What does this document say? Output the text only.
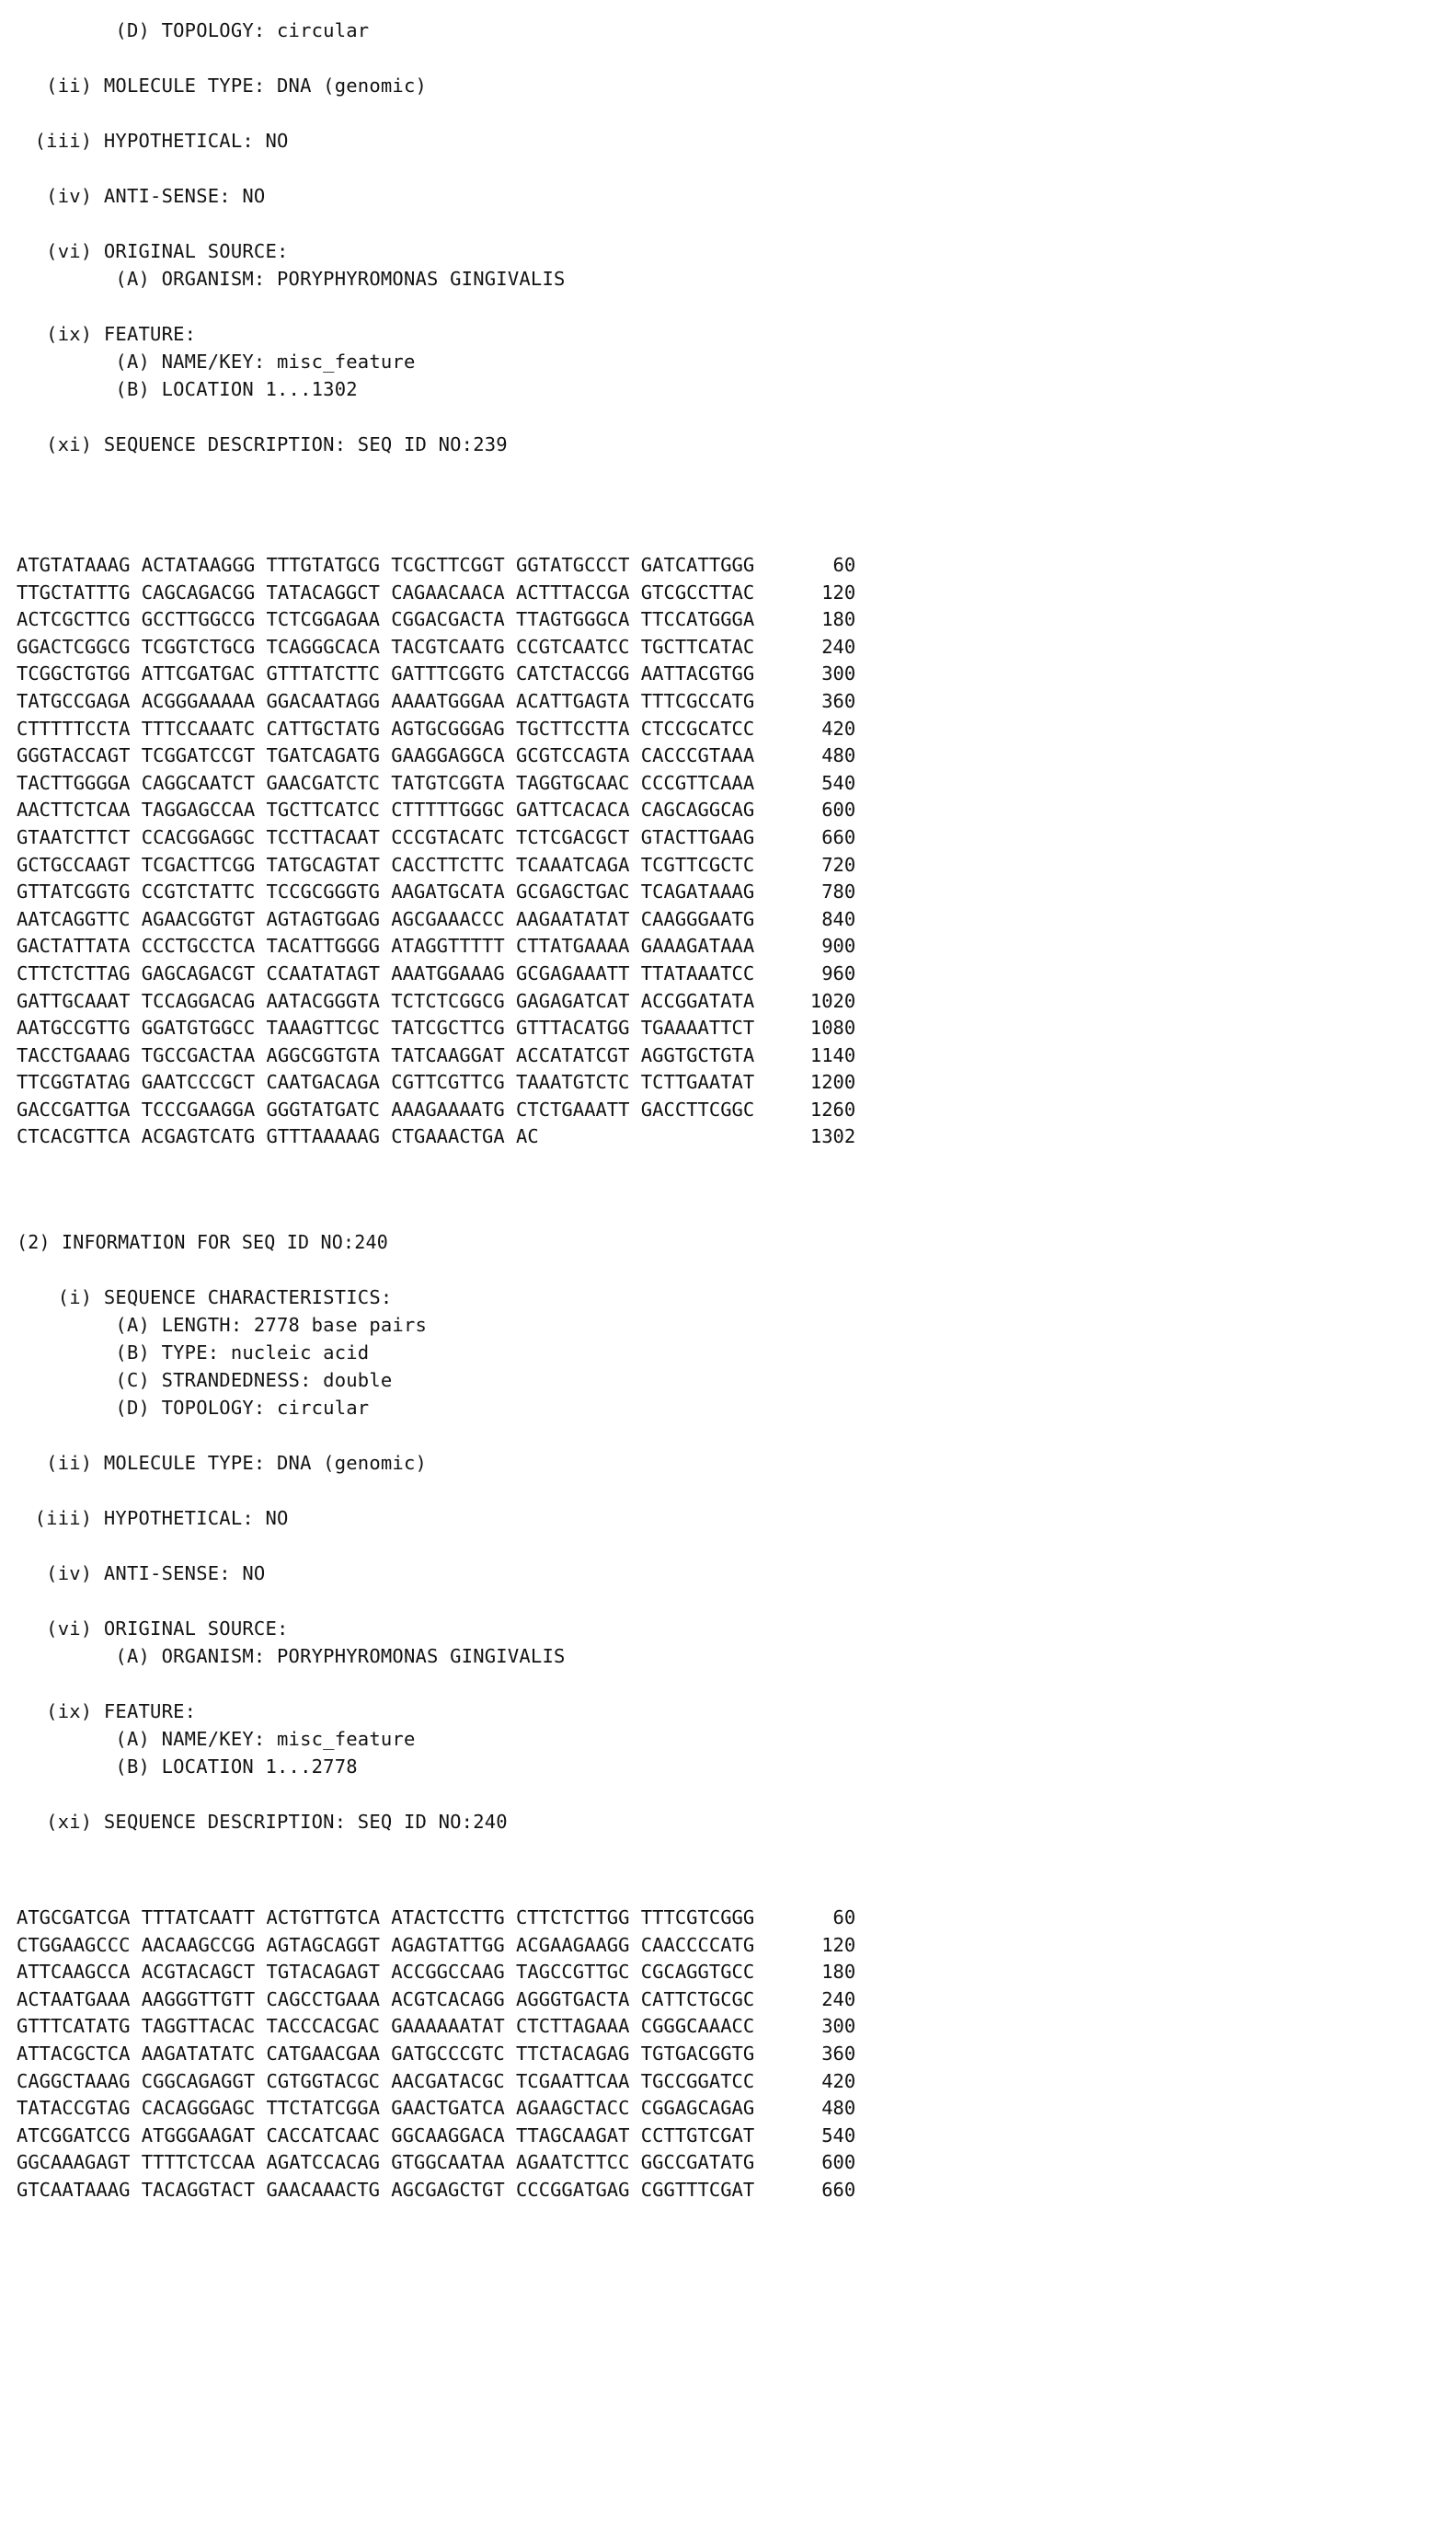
(D) TOPOLOGY: circular

(ii) MOLECULE TYPE: DNA (genomic)

(iii) HYPOTHETICAL: NO

(iv) ANTI-SENSE: NO

(vi) ORIGINAL SOURCE:
(A) ORGANISM: PORYPHYROMONAS GINGIVALIS

(ix) FEATURE:
(A) NAME/KEY: misc_feature
(B) LOCATION 1...1302

(xi) SEQUENCE DESCRIPTION: SEQ ID NO:239
ATGTATAAAG ACTATAAGGG TTTGTATGCG TCGCTTCGGT GGTATGCCCT GATCATTGGG	60
TTGCTATTTG CAGCAGACGG TATACAGGCT CAGAACAACA ACTTTACCGA GTCGCCTTAC	120
ACTCGCTTCG GCCTTGGCCG TCTCGGAGAA CGGACGACTA TTAGTGGGCA TTCCATGGGA	180
GGACTCGGCG TCGGTCTGCG TCAGGGCACA TACGTCAATG CCGTCAATCC TGCTTCATAC	240
TCGGCTGTGG ATTCGATGAC GTTTATCTTC GATTTCGGTG CATCTACCGG AATTACGTGG	300
TATGCCGAGA ACGGGAAAAA GGACAATAGG AAAATGGGAA ACATTGAGTA TTTCGCCATG	360
CTTTTTCCTA TTTCCAAATC CATTGCTATG AGTGCGGGAG TGCTTCCTTA CTCCGCATCC	420
GGGTACCAGT TCGGATCCGT TGATCAGATG GAAGGAGGCA GCGTCCAGTA CACCCGTAAA	480
TACTTGGGGA CAGGCAATCT GAACGATCTC TATGTCGGTA TAGGTGCAAC CCCGTTCAAA	540
AACTTCTCAA TAGGAGCCAA TGCTTCATCC CTTTTTGGGC GATTCACACA CAGCAGGCAG	600
GTAATCTTCT CCACGGAGGC TCCTTACAAT CCCGTACATC TCTCGACGCT GTACTTGAAG	660
GCTGCCAAGT TCGACTTCGG TATGCAGTAT CACCTTCTTC TCAAATCAGA TCGTTCGCTC	720
GTTATCGGTG CCGTCTATTC TCCGCGGGTG AAGATGCATA GCGAGCTGAC TCAGATAAAG	780
AATCAGGTTC AGAACGGTGT AGTAGTGGAG AGCGAAACCC AAGAATATAT CAAGGGAATG	840
GACTATTATA CCCTGCCTCA TACATTGGGG ATAGGTTTTT CTTATGAAAA GAAAGATAAA	900
CTTCTCTTAG GAGCAGACGT CCAATATAGT AAATGGAAAG GCGAGAAATT TTATAAATCC	960
GATTGCAAAT TCCAGGACAG AATACGGGTA TCTCTCGGCG GAGAGATCAT ACCGGATATA	1020
AATGCCGTTG GGATGTGGCC TAAAGTTCGC TATCGCTTCG GTTTACATGG TGAAAATTCT	1080
TACCTGAAAG TGCCGACTAA AGGCGGTGTA TATCAAGGAT ACCATATCGT AGGTGCTGTA	1140
TTCGGTATAG GAATCCCGCT CAATGACAGA CGTTCGTTCG TAAATGTCTC TCTTGAATAT	1200
GACCGATTGA TCCCGAAGGA GGGTATGATC AAAGAAAATG CTCTGAAATT GACCTTCGGC	1260
CTCACGTTCA ACGAGTCATG GTTTAAAAAG CTGAAACTGA AC	1302
(2) INFORMATION FOR SEQ ID NO:240
(i) SEQUENCE CHARACTERISTICS:
(A) LENGTH: 2778 base pairs
(B) TYPE: nucleic acid
(C) STRANDEDNESS: double
(D) TOPOLOGY: circular

(ii) MOLECULE TYPE: DNA (genomic)

(iii) HYPOTHETICAL: NO

(iv) ANTI-SENSE: NO

(vi) ORIGINAL SOURCE:
(A) ORGANISM: PORYPHYROMONAS GINGIVALIS

(ix) FEATURE:
(A) NAME/KEY: misc_feature
(B) LOCATION 1...2778

(xi) SEQUENCE DESCRIPTION: SEQ ID NO:240
ATGCGATCGA TTTATCAATT ACTGTTGTCA ATACTCCTTG CTTCTCTTGG TTTCGTCGGG	60
CTGGAAGCCC AACAAGCCGG AGTAGCAGGT AGAGTATTGG ACGAAGAAGG CAACCCCATG	120
ATTCAAGCCA ACGTACAGCT TGTACAGAGT ACCGGCCAAG TAGCCGTTGC CGCAGGTGCC	180
ACTAATGAAA AAGGGTTGTT CAGCCTGAAA ACGTCACAGG AGGGTGACTA CATTCTGCGC	240
GTTTCATATG TAGGTTACAC TACCCACGAC GAAAAAATAT CTCTTAGAAA CGGGCAAACC	300
ATTACGCTCA AAGATATATC CATGAACGAA GATGCCCGTC TTCTACAGAG TGTGACGGTG	360
CAGGCTAAAG CGGCAGAGGT CGTGGTACGC AACGATACGC TCGAATTCAA TGCCGGATCC	420
TATACCGTAG CACAGGGAGC TTCTATCGGA GAACTGATCA AGAAGCTACC CGGAGCAGAG	480
ATCGGATCCG ATGGGAAGAT CACCATCAAC GGCAAGGACA TTAGCAAGAT CCTTGTCGAT	540
GGCAAAGAGT TTTTCTCCAA AGATCCACAG GTGGCAATAA AGAATCTTCC GGCCGATATG	600
GTCAATAAAG TACAGGTACT GAACAAACTG AGCGAGCTGT CCCGGATGAG CGGTTTCGAT	660
